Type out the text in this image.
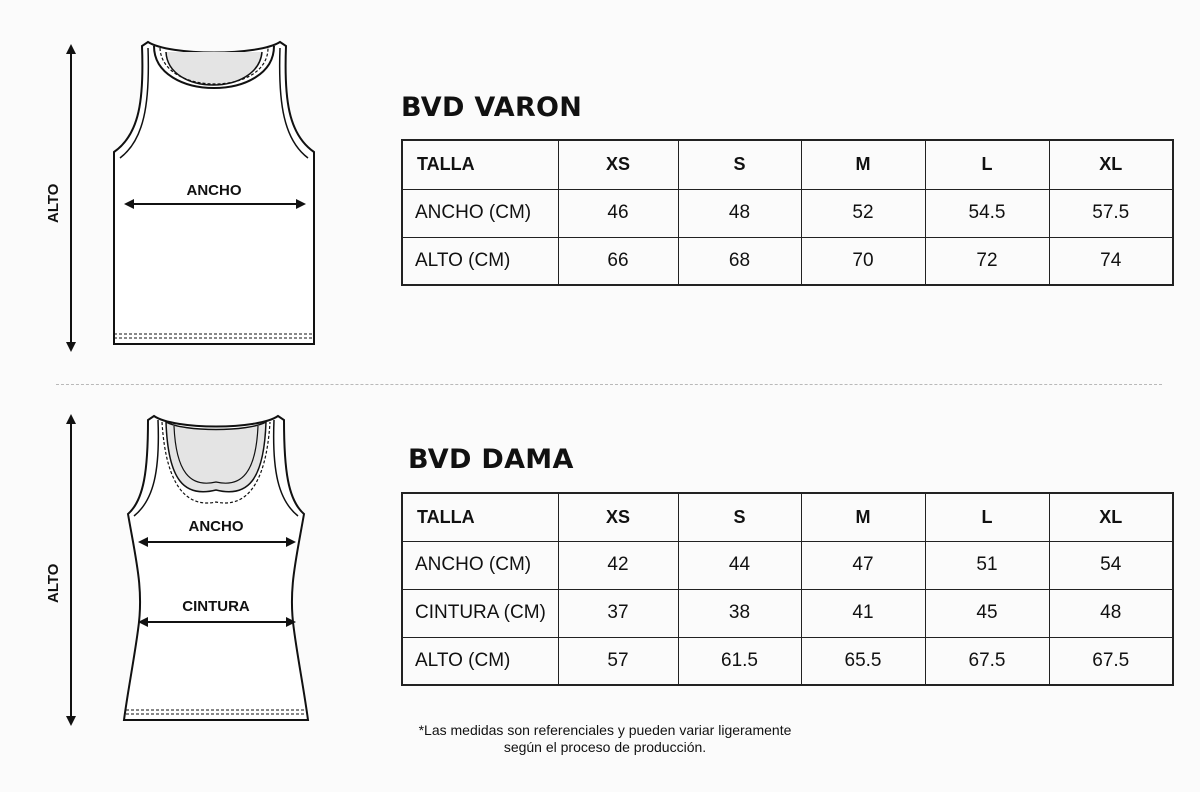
ALTO	ANCHO
BVD VARON
TALLA	XS	S	M	L	XL
ANCHO (CM)	46	48	52	54.5	57.5
ALTO (CM)	66	68	70	72	74
ALTO
ANCHO
CINTURA
BVD DAMA
TALLA	XS	S	M	L	XL
ANCHO (CM)	42	44	47	51	54
CINTURA (CM)	37	38	41	45	48
ALTO (CM)	57	61.5	65.5	67.5	67.5
*Las medidas son referenciales y pueden variar ligeramente
según el proceso de producción.
